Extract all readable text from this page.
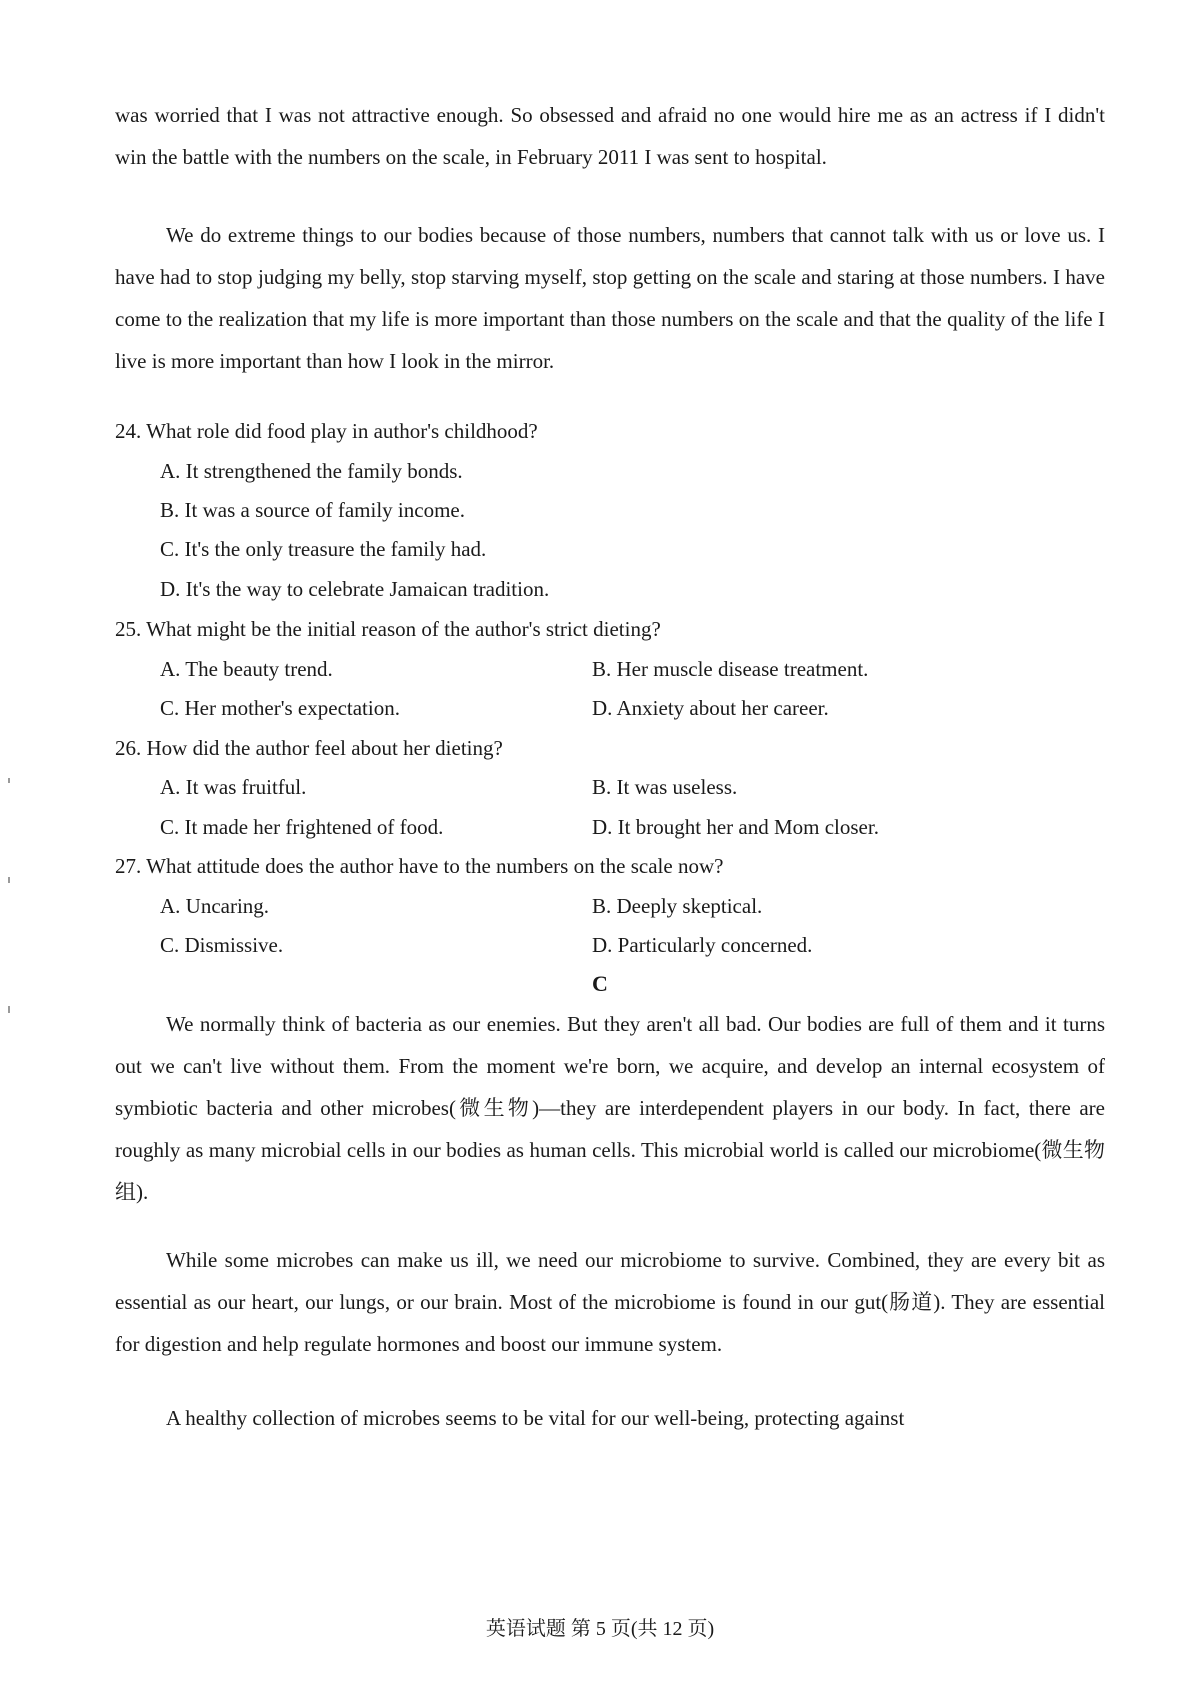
was worried that I was not attractive enough. So obsessed and afraid no one would hire me as an actress if I didn't win the battle with the numbers on the scale, in February 2011 I was sent to hospital.

We do extreme things to our bodies because of those numbers, numbers that cannot talk with us or love us. I have had to stop judging my belly, stop starving myself, stop getting on the scale and staring at those numbers. I have come to the realization that my life is more important than those numbers on the scale and that the quality of the life I live is more important than how I look in the mirror.

24. What role did food play in author's childhood?

A. It strengthened the family bonds.

B. It was a source of family income.

C. It's the only treasure the family had.

D. It's the way to celebrate Jamaican tradition.

25. What might be the initial reason of the author's strict dieting?

A. The beauty trend.	B. Her muscle disease treatment.

C. Her mother's expectation.	D. Anxiety about her career.

26. How did the author feel about her dieting?

A. It was fruitful.	B. It was useless.

C. It made her frightened of food.	D. It brought her and Mom closer.

27. What attitude does the author have to the numbers on the scale now?

A. Uncaring.	B. Deeply skeptical.

C. Dismissive.	D. Particularly concerned.

C

We normally think of bacteria as our enemies. But they aren't all bad. Our bodies are full of them and it turns out we can't live without them. From the moment we're born, we acquire, and develop an internal ecosystem of symbiotic bacteria and other microbes(微生物)—they are interdependent players in our body. In fact, there are roughly as many microbial cells in our bodies as human cells. This microbial world is called our microbiome(微生物组).

While some microbes can make us ill, we need our microbiome to survive. Combined, they are every bit as essential as our heart, our lungs, or our brain. Most of the microbiome is found in our gut(肠道). They are essential for digestion and help regulate hormones and boost our immune system.

A healthy collection of microbes seems to be vital for our well-being, protecting against

英语试题 第 5 页(共 12 页)
